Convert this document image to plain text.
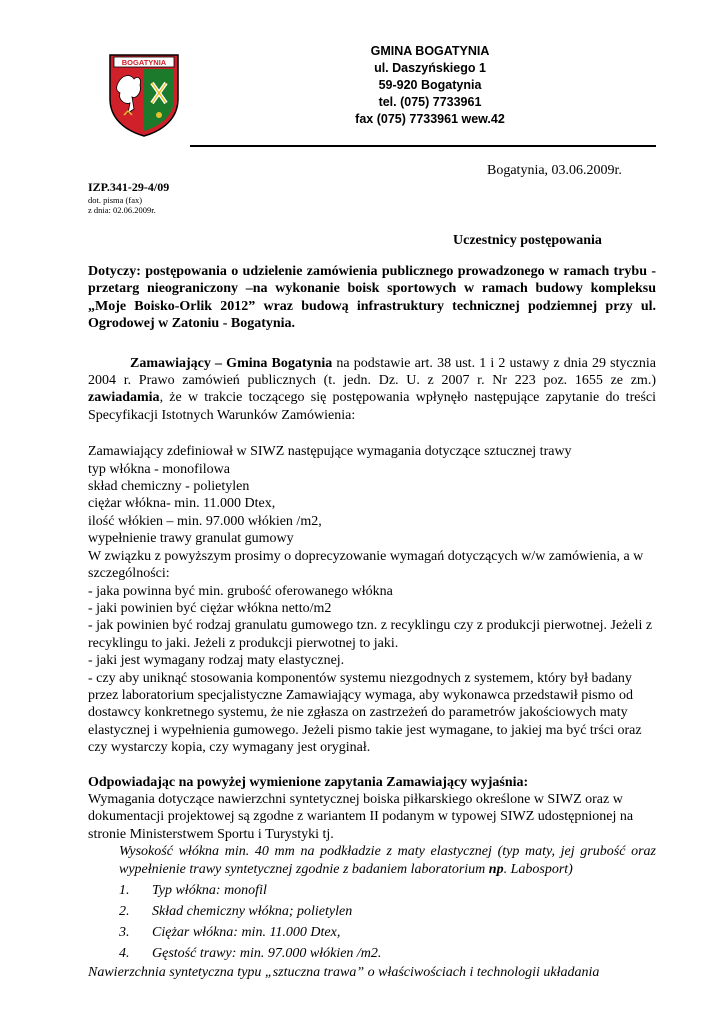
BOGATYNIA
GMINA BOGATYNIA
ul. Daszyńskiego 1
59-920 Bogatynia
tel. (075) 7733961
fax (075) 7733961 wew.42
Bogatynia, 03.06.2009r.
IZP.341-29-4/09
dot. pisma (fax)
z dnia: 02.06.2009r.
Uczestnicy postępowania
Dotyczy: postępowania o udzielenie zamówienia publicznego prowadzonego w ramach trybu - przetarg nieograniczony –na wykonanie boisk sportowych w ramach budowy kompleksu „Moje Boisko-Orlik 2012” wraz budową infrastruktury technicznej podziemnej przy ul. Ogrodowej w Zatoniu - Bogatynia.
Zamawiający – Gmina Bogatynia na podstawie art. 38 ust. 1 i 2 ustawy z dnia 29 stycznia 2004 r. Prawo zamówień publicznych (t. jedn. Dz. U. z 2007 r. Nr 223 poz. 1655 ze zm.) zawiadamia, że w trakcie toczącego się postępowania wpłynęło następujące zapytanie do treści Specyfikacji Istotnych Warunków Zamówienia:
Zamawiający zdefiniował w SIWZ następujące wymagania dotyczące sztucznej trawy
typ włókna - monofilowa
skład chemiczny - polietylen
ciężar włókna- min. 11.000 Dtex,
ilość włókien – min. 97.000 włókien /m2,
wypełnienie trawy granulat gumowy
W związku z powyższym prosimy o doprecyzowanie wymagań dotyczących w/w zamówienia, a w szczególności:
- jaka powinna być min. grubość oferowanego włókna
- jaki powinien być ciężar włókna netto/m2
- jak powinien być rodzaj granulatu gumowego tzn. z recyklingu czy z produkcji pierwotnej. Jeżeli z recyklingu to jaki. Jeżeli z produkcji pierwotnej to jaki.
- jaki jest wymagany rodzaj maty elastycznej.
- czy aby uniknąć stosowania komponentów systemu niezgodnych z systemem, który był badany przez laboratorium specjalistyczne Zamawiający wymaga, aby wykonawca przedstawił pismo od dostawcy konkretnego systemu, że nie zgłasza on zastrzeżeń do parametrów jakościowych maty elastycznej i wypełnienia gumowego. Jeżeli pismo takie jest wymagane, to jakiej ma być trści oraz czy wystarczy kopia, czy wymagany jest oryginał.
Odpowiadając na powyżej wymienione zapytania Zamawiający wyjaśnia:
Wymagania dotyczące nawierzchni syntetycznej boiska piłkarskiego określone w SIWZ oraz w dokumentacji projektowej są zgodne z wariantem II podanym w typowej SIWZ udostępnionej na stronie Ministerstwem Sportu i Turystyki tj.
Wysokość włókna min. 40 mm na podkładzie z maty elastycznej (typ maty, jej grubość oraz wypełnienie trawy syntetycznej zgodnie z badaniem laboratorium np. Labosport)
1.	Typ włókna: monofil
2.	Skład chemiczny włókna; polietylen
3.	Ciężar włókna: min. 11.000 Dtex,
4.	Gęstość trawy: min. 97.000 włókien /m2.
Nawierzchnia syntetyczna typu „sztuczna trawa” o właściwościach i technologii układania
